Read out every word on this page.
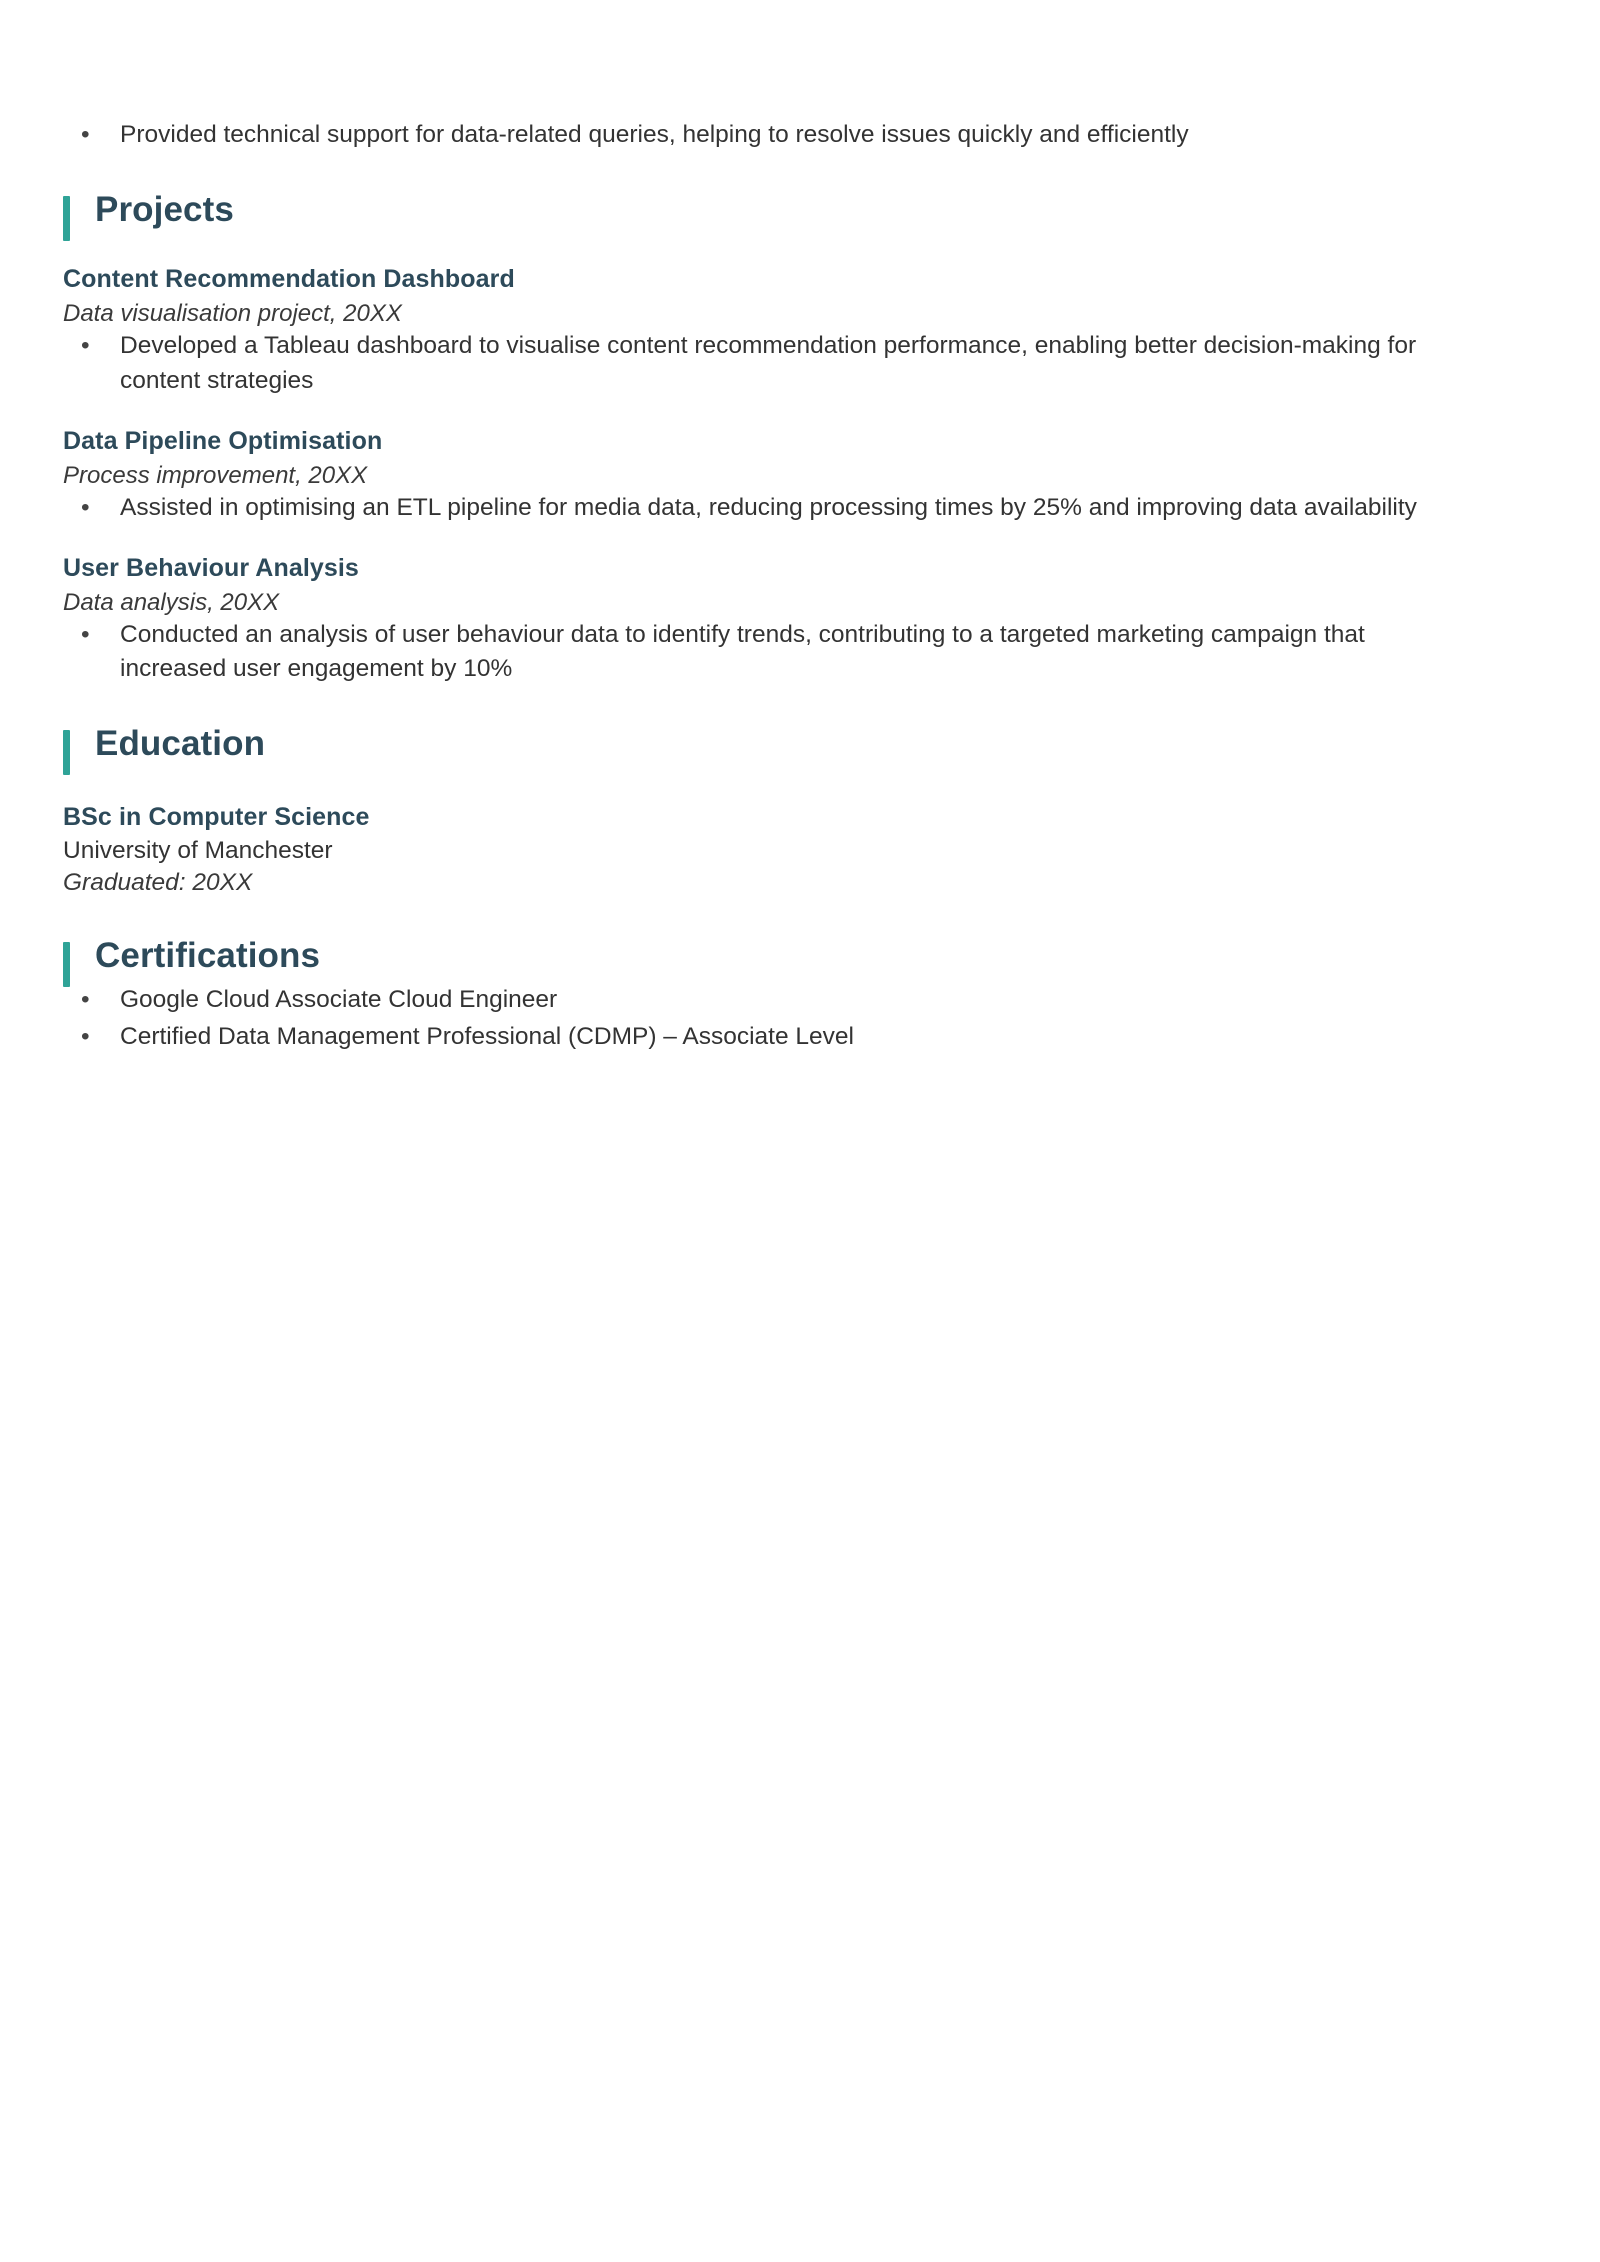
• Provided technical support for data-related queries, helping to resolve issues quickly and efficiently
Projects
Content Recommendation Dashboard
Data visualisation project, 20XX
• Developed a Tableau dashboard to visualise content recommendation performance, enabling better decision-making for content strategies
Data Pipeline Optimisation
Process improvement, 20XX
• Assisted in optimising an ETL pipeline for media data, reducing processing times by 25% and improving data availability
User Behaviour Analysis
Data analysis, 20XX
• Conducted an analysis of user behaviour data to identify trends, contributing to a targeted marketing campaign that increased user engagement by 10%
Education
BSc in Computer Science
University of Manchester
Graduated: 20XX
Certifications
• Google Cloud Associate Cloud Engineer
• Certified Data Management Professional (CDMP) – Associate Level
